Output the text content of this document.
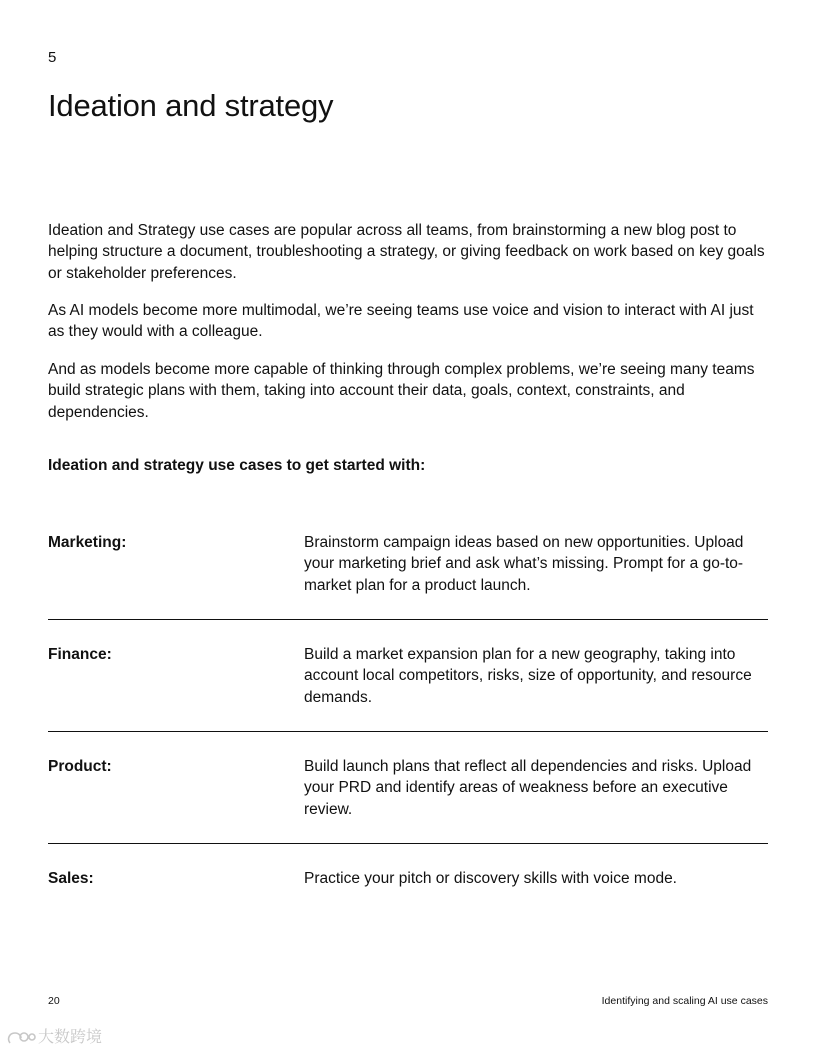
5
Ideation and strategy

Ideation and Strategy use cases are popular across all teams, from brainstorming a new blog post to helping structure a document, troubleshooting a strategy, or giving feedback on work based on key goals or stakeholder preferences.

As AI models become more multimodal, we’re seeing teams use voice and vision to interact with AI just as they would with a colleague.

And as models become more capable of thinking through complex problems, we’re seeing many teams build strategic plans with them, taking into account their data, goals, context, constraints, and dependencies.

Ideation and strategy use cases to get started with:
Marketing:	Brainstorm campaign ideas based on new opportunities. Upload your marketing brief and ask what’s missing. Prompt for a go-to-market plan for a product launch.
Finance:	Build a market expansion plan for a new geography, taking into account local competitors, risks, size of opportunity, and resource demands.
Product:	Build launch plans that reflect all dependencies and risks. Upload your PRD and identify areas of weakness before an executive review.
Sales:	Practice your pitch or discovery skills with voice mode.
20	Identifying and scaling AI use cases
大数跨境
